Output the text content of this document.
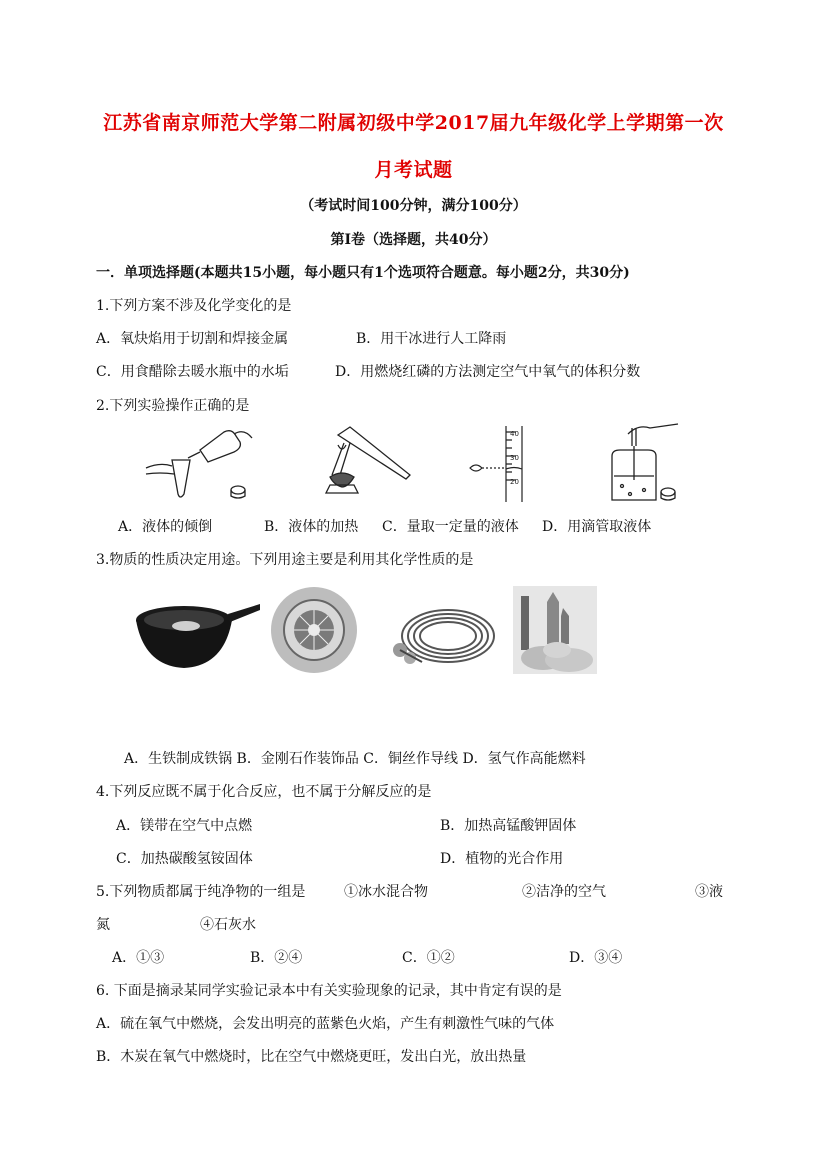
江苏省南京师范大学第二附属初级中学2017届九年级化学上学期第一次
月考试题
（考试时间100分钟，满分100分）
第Ⅰ卷（选择题，共40分）
一．单项选择题(本题共15小题，每小题只有1个选项符合题意。每小题2分，共30分)
1.下列方案不涉及化学变化的是
A．氧炔焰用于切割和焊接金属	B．用干冰进行人工降雨
C．用食醋除去暖水瓶中的水垢	D．用燃烧红磷的方法测定空气中氧气的体积分数
2.下列实验操作正确的是
40
30
20
A．液体的倾倒	B．液体的加热 C．量取一定量的液体 D．用滴管取液体
3.物质的性质决定用途。下列用途主要是利用其化学性质的是
A．生铁制成铁锅 B．金刚石作装饰品 C．铜丝作导线 D．氢气作高能燃料
4.下列反应既不属于化合反应，也不属于分解反应的是
A．镁带在空气中点燃	B．加热高锰酸钾固体
C．加热碳酸氢铵固体	D．植物的光合作用
5.下列物质都属于纯净物的一组是	①冰水混合物	②洁净的空气	③液
氮	④石灰水
A．①③	B．②④	C．①②	D．③④
6. 下面是摘录某同学实验记录本中有关实验现象的记录，其中肯定有误的是
A．硫在氧气中燃烧，会发出明亮的蓝紫色火焰，产生有刺激性气味的气体
B．木炭在氧气中燃烧时，比在空气中燃烧更旺，发出白光，放出热量
